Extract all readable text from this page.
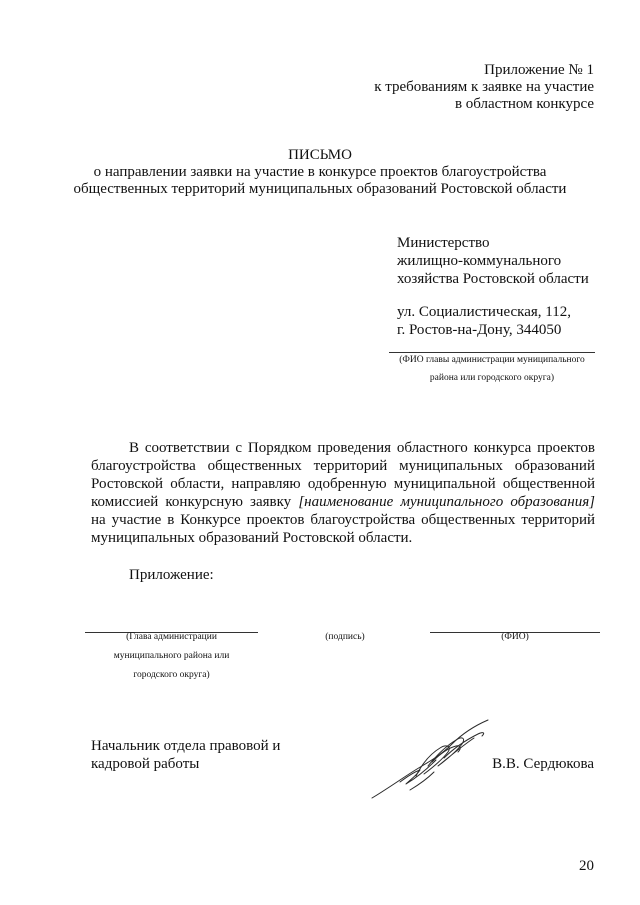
Приложение № 1
к требованиям к заявке на участие
в областном конкурсе
ПИСЬМО
о направлении заявки на участие в конкурсе проектов благоустройства
общественных территорий муниципальных образований Ростовской области
Министерство
жилищно-коммунального
хозяйства Ростовской области
ул. Социалистическая, 112,
г. Ростов-на-Дону, 344050
(ФИО главы администрации муниципального
района или городского округа)
В соответствии с Порядком проведения областного конкурса проектов
благоустройства общественных территорий муниципальных образований
Ростовской области, направляю одобренную муниципальной общественной
комиссией конкурсную заявку [наименование муниципального образования]
на участие в Конкурсе проектов благоустройства общественных территорий
муниципальных образований Ростовской области.
Приложение:
(Глава администрации
муниципального района или
городского округа)
(подпись)	(ФИО)
Начальник отдела правовой и
кадровой работы	В.В. Сердюкова
20
